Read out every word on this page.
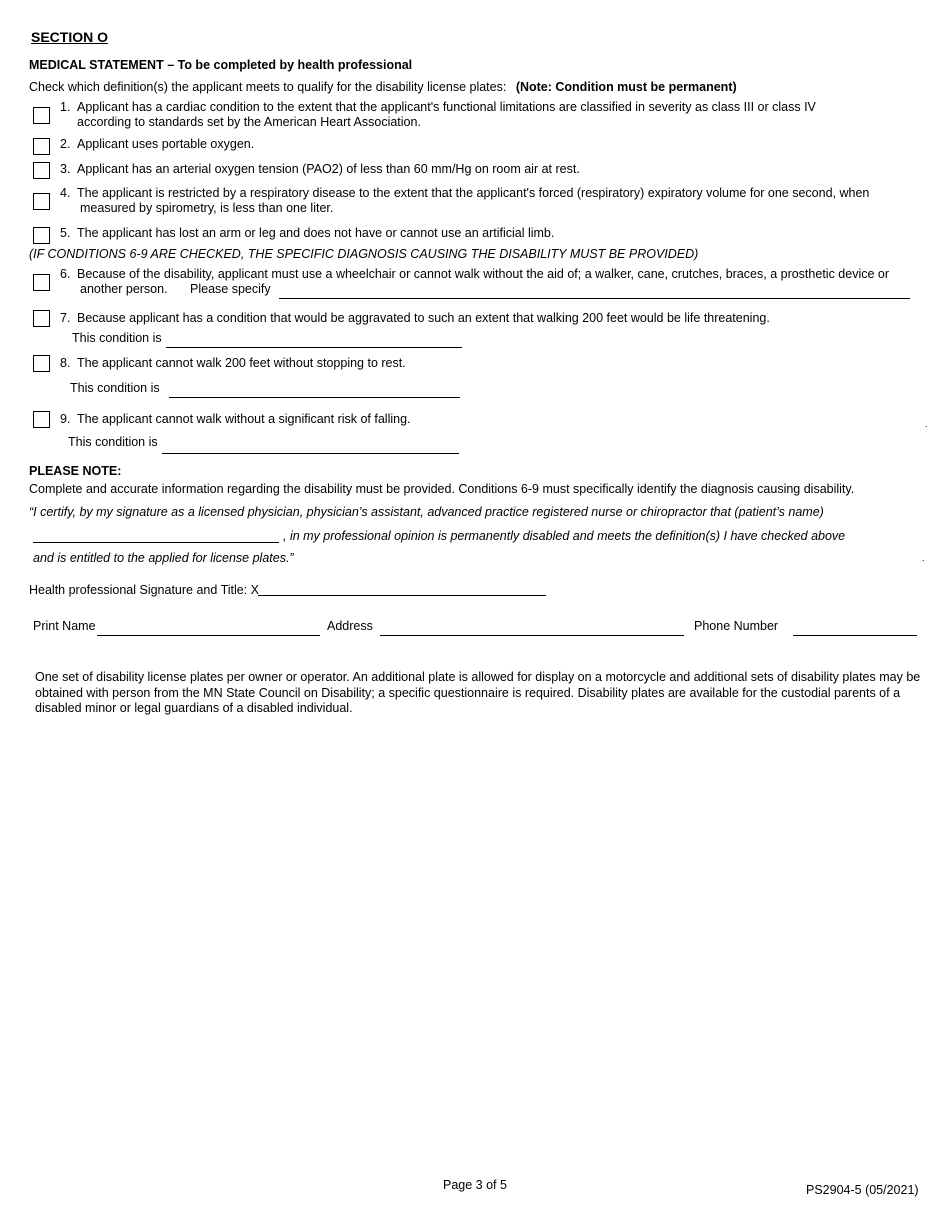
SECTION O
MEDICAL STATEMENT – To be completed by health professional
Check which definition(s) the applicant meets to qualify for the disability license plates: (Note: Condition must be permanent)
1. Applicant has a cardiac condition to the extent that the applicant's functional limitations are classified in severity as class III or class IV
according to standards set by the American Heart Association.
2. Applicant uses portable oxygen.
3. Applicant has an arterial oxygen tension (PAO2) of less than 60 mm/Hg on room air at rest.
4. The applicant is restricted by a respiratory disease to the extent that the applicant's forced (respiratory) expiratory volume for one second, when
measured by spirometry, is less than one liter.
5. The applicant has lost an arm or leg and does not have or cannot use an artificial limb.
(IF CONDITIONS 6-9 ARE CHECKED, THE SPECIFIC DIAGNOSIS CAUSING THE DISABILITY MUST BE PROVIDED)
6. Because of the disability, applicant must use a wheelchair or cannot walk without the aid of; a walker, cane, crutches, braces, a prosthetic device or
another person. Please specify
7. Because applicant has a condition that would be aggravated to such an extent that walking 200 feet would be life threatening.
This condition is
8. The applicant cannot walk 200 feet without stopping to rest.
This condition is
9. The applicant cannot walk without a significant risk of falling.
This condition is
PLEASE NOTE:
Complete and accurate information regarding the disability must be provided. Conditions 6-9 must specifically identify the diagnosis causing disability.
“I certify, by my signature as a licensed physician, physician’s assistant, advanced practice registered nurse or chiropractor that (patient’s name)
, in my professional opinion is permanently disabled and meets the definition(s) I have checked above
and is entitled to the applied for license plates.”
Health professional Signature and Title: X
Print Name	Address	Phone Number
One set of disability license plates per owner or operator. An additional plate is allowed for display on a motorcycle and additional sets of disability plates may be obtained with person from the MN State Council on Disability; a specific questionnaire is required. Disability plates are available for the custodial parents of a disabled minor or legal guardians of a disabled individual.
.
.
Page 3 of 5	PS2904-5 (05/2021)
